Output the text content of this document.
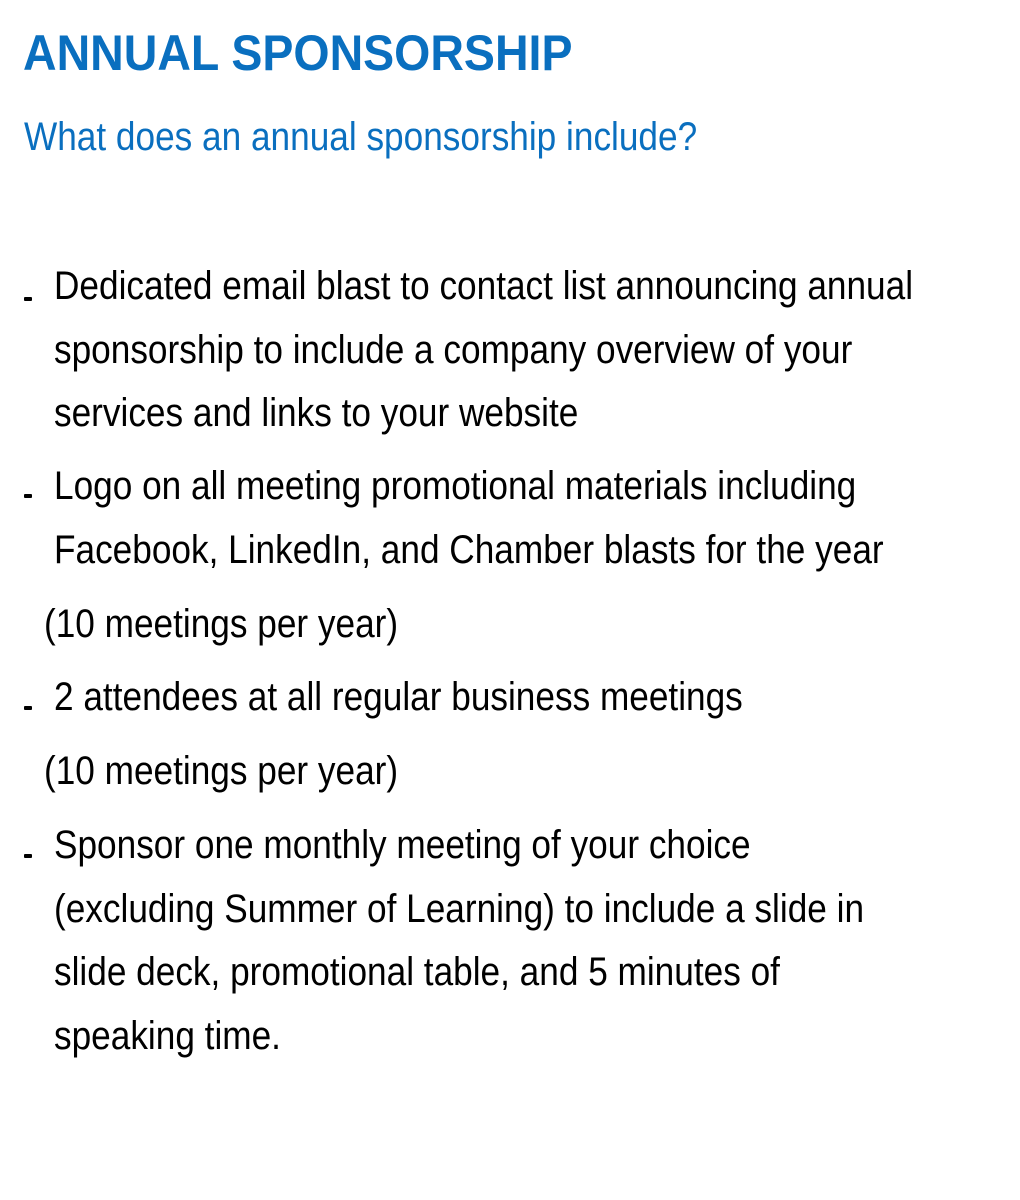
ANNUAL SPONSORSHIP
What does an annual sponsorship include?

Dedicated email blast to contact list announcing annual

sponsorship to include a company overview of your

services and links to your website

Logo on all meeting promotional materials including

Facebook, LinkedIn, and Chamber blasts for the year

(10 meetings per year)

2 attendees at all regular business meetings

(10 meetings per year)

Sponsor one monthly meeting of your choice

(excluding Summer of Learning) to include a slide in

slide deck, promotional table, and 5 minutes of

speaking time.
